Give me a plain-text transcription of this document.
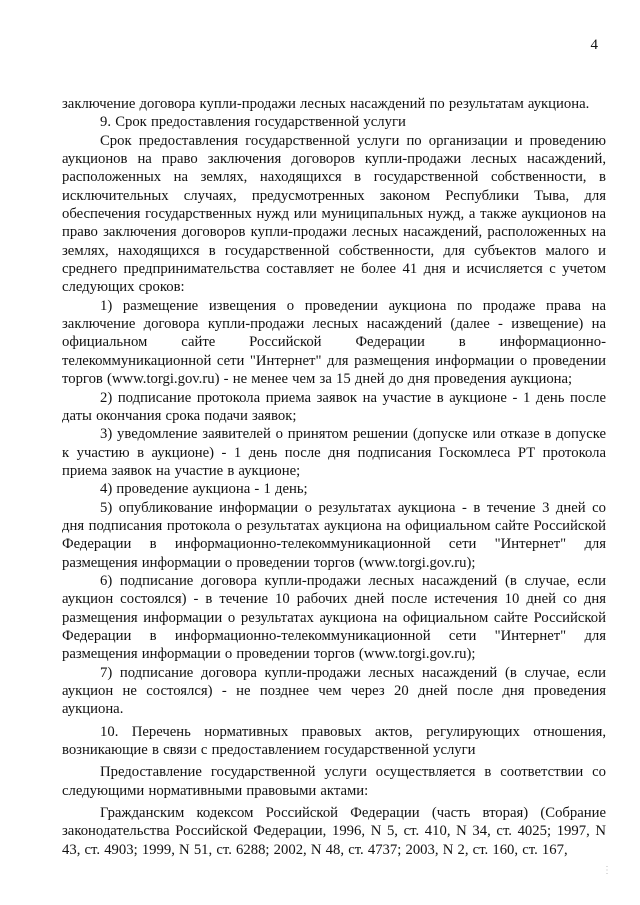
4

заключение договора купли-продажи лесных насаждений по результатам аукциона.

9. Срок предоставления государственной услуги

Срок предоставления государственной услуги по организации и проведению аукционов на право заключения договоров купли-продажи лесных насаждений, расположенных на землях, находящихся в государственной собственности, в исключительных случаях, предусмотренных законом Республики Тыва, для обеспечения государственных нужд или муниципальных нужд, а также аукционов на право заключения договоров купли-продажи лесных насаждений, расположенных на землях, находящихся в государственной собственности, для субъектов малого и среднего предпринимательства составляет не более 41 дня и исчисляется с учетом следующих сроков:

1) размещение извещения о проведении аукциона по продаже права на заключение договора купли-продажи лесных насаждений (далее - извещение) на официальном сайте Российской Федерации в информационно-телекоммуникационной сети "Интернет" для размещения информации о проведении торгов (www.torgi.gov.ru) - не менее чем за 15 дней до дня проведения аукциона;

2) подписание протокола приема заявок на участие в аукционе - 1 день после даты окончания срока подачи заявок;

3) уведомление заявителей о принятом решении (допуске или отказе в допуске к участию в аукционе) - 1 день после дня подписания Госкомлеса РТ протокола приема заявок на участие в аукционе;

4) проведение аукциона - 1 день;

5) опубликование информации о результатах аукциона - в течение 3 дней со дня подписания протокола о результатах аукциона на официальном сайте Российской Федерации в информационно-телекоммуникационной сети "Интернет" для размещения информации о проведении торгов (www.torgi.gov.ru);

6) подписание договора купли-продажи лесных насаждений (в случае, если аукцион состоялся) - в течение 10 рабочих дней после истечения 10 дней со дня размещения информации о результатах аукциона на официальном сайте Российской Федерации в информационно-телекоммуникационной сети "Интернет" для размещения информации о проведении торгов (www.torgi.gov.ru);

7) подписание договора купли-продажи лесных насаждений (в случае, если аукцион не состоялся) - не позднее чем через 20 дней после дня проведения аукциона.

10. Перечень нормативных правовых актов, регулирующих отношения, возникающие в связи с предоставлением государственной услуги

Предоставление государственной услуги осуществляется в соответствии со следующими нормативными правовыми актами:

Гражданским кодексом Российской Федерации (часть вторая) (Собрание законодательства Российской Федерации, 1996, N 5, ст. 410, N 34, ст. 4025; 1997, N 43, ст. 4903; 1999, N 51, ст. 6288; 2002, N 48, ст. 4737; 2003, N 2, ст. 160, ст. 167,

⋮
